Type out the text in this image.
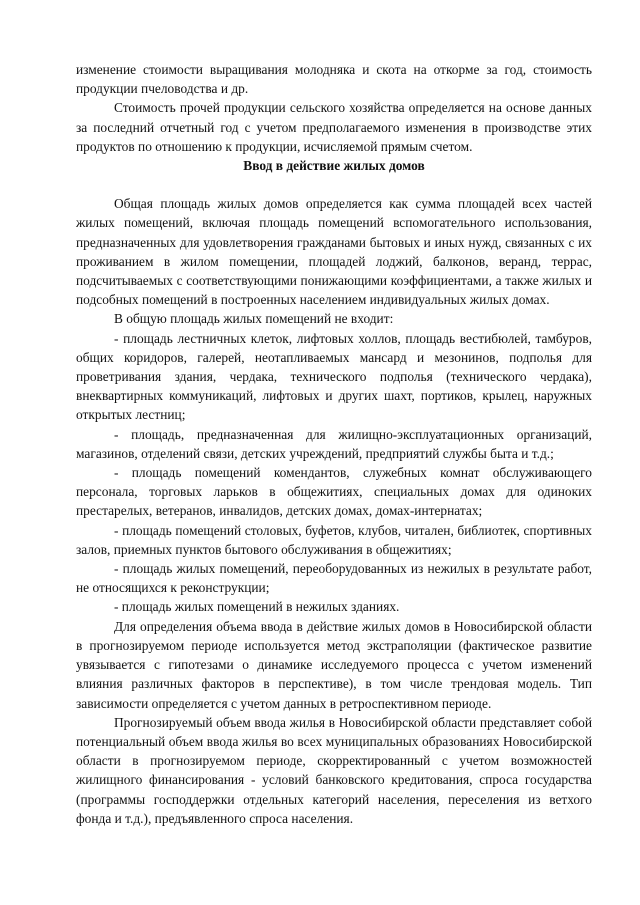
изменение стоимости выращивания молодняка и скота на откорме за год, стоимость продукции пчеловодства и др.

Стоимость прочей продукции сельского хозяйства определяется на основе данных за последний отчетный год с учетом предполагаемого изменения в производстве этих продуктов по отношению к продукции, исчисляемой прямым счетом.

Ввод в действие жилых домов

Общая площадь жилых домов определяется как сумма площадей всех частей жилых помещений, включая площадь помещений вспомогательного использования, предназначенных для удовлетворения гражданами бытовых и иных нужд, связанных с их проживанием в жилом помещении, площадей лоджий, балконов, веранд, террас, подсчитываемых с соответствующими понижающими коэффициентами, а также жилых и подсобных помещений в построенных населением индивидуальных жилых домах.

В общую площадь жилых помещений не входит:

- площадь лестничных клеток, лифтовых холлов, площадь вестибюлей, тамбуров, общих коридоров, галерей, неотапливаемых мансард и мезонинов, подполья для проветривания здания, чердака, технического подполья (технического чердака), внеквартирных коммуникаций, лифтовых и других шахт, портиков, крылец, наружных открытых лестниц;

- площадь, предназначенная для жилищно-эксплуатационных организаций, магазинов, отделений связи, детских учреждений, предприятий службы быта и т.д.;

- площадь помещений комендантов, служебных комнат обслуживающего персонала, торговых ларьков в общежитиях, специальных домах для одиноких престарелых, ветеранов, инвалидов, детских домах, домах-интернатах;

- площадь помещений столовых, буфетов, клубов, читален, библиотек, спортивных залов, приемных пунктов бытового обслуживания в общежитиях;

- площадь жилых помещений, переоборудованных из нежилых в результате работ, не относящихся к реконструкции;

- площадь жилых помещений в нежилых зданиях.

Для определения объема ввода в действие жилых домов в Новосибирской области в прогнозируемом периоде используется метод экстраполяции (фактическое развитие увязывается с гипотезами о динамике исследуемого процесса с учетом изменений влияния различных факторов в перспективе), в том числе трендовая модель. Тип зависимости определяется с учетом данных в ретроспективном периоде.

Прогнозируемый объем ввода жилья в Новосибирской области представляет собой потенциальный объем ввода жилья во всех муниципальных образованиях Новосибирской области в прогнозируемом периоде, скорректированный с учетом возможностей жилищного финансирования - условий банковского кредитования, спроса государства (программы господдержки отдельных категорий населения, переселения из ветхого фонда и т.д.), предъявленного спроса населения.
